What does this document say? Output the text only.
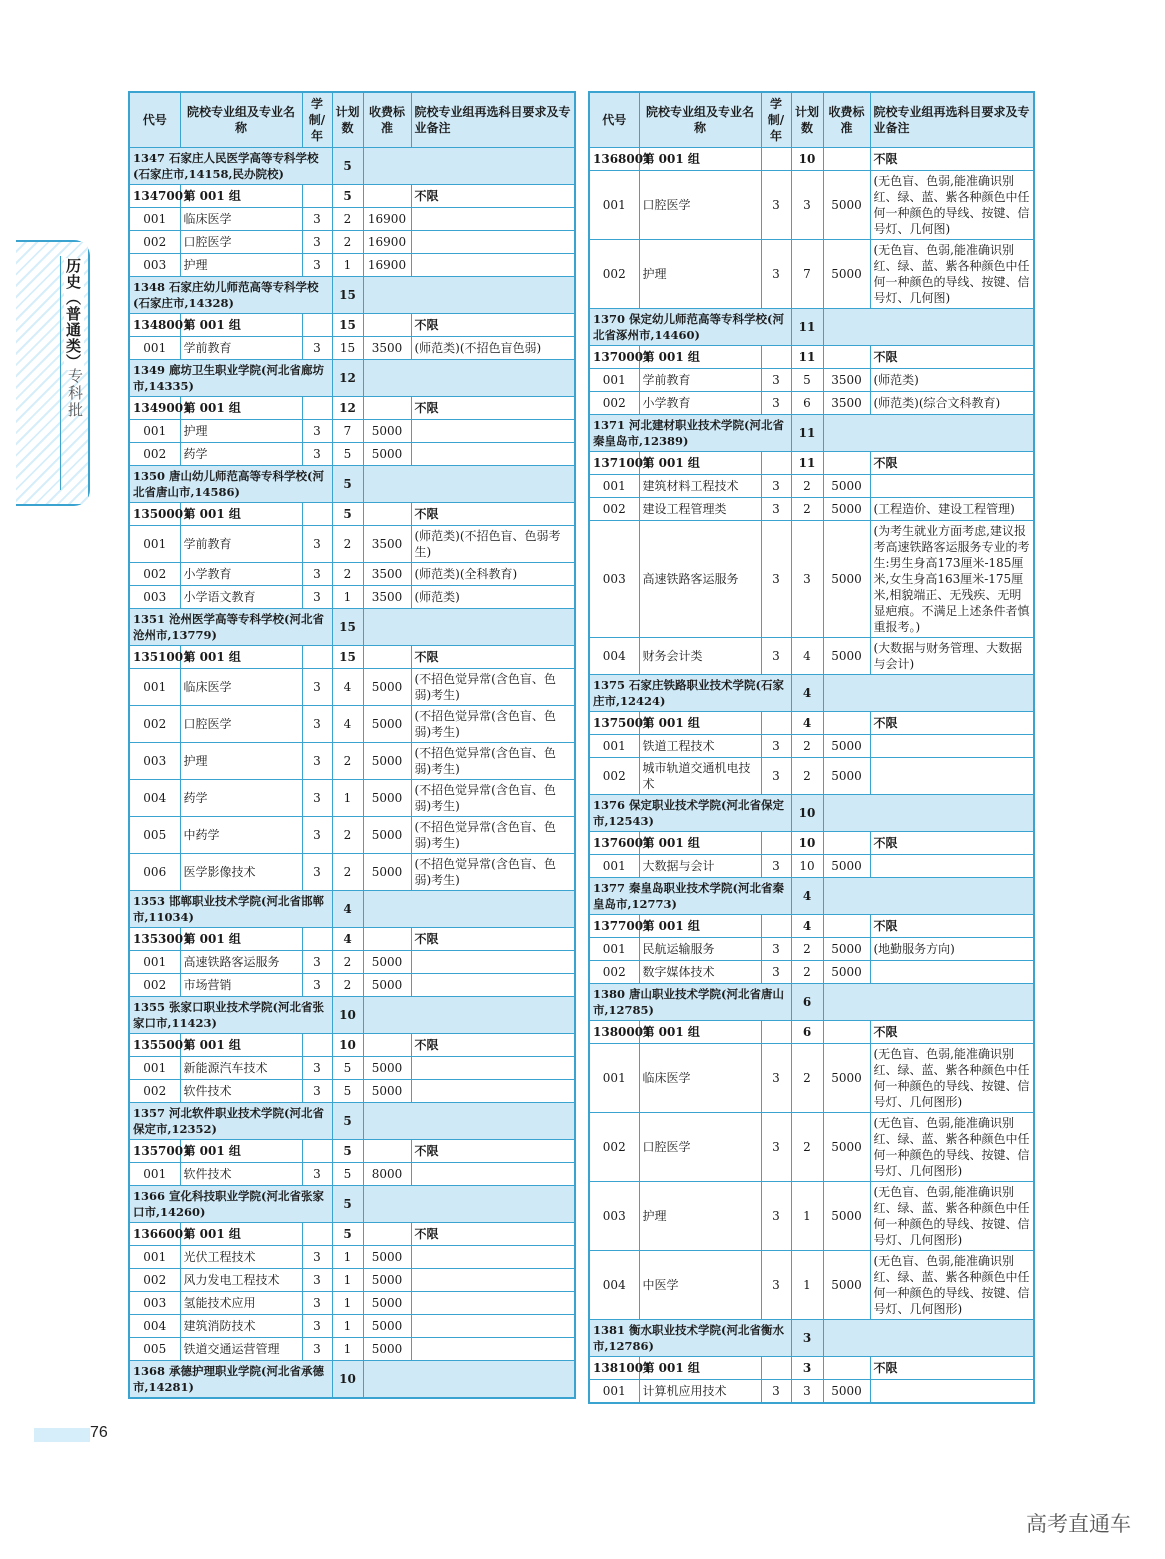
历史（普通类）
专科批
代号	院校专业组及专业名称	学制/年	计划数	收费标准	院校专业组再选科目要求及专业备注
1347 石家庄人民医学高等专科学校(石家庄市,14158,民办院校)			5		
1347001	第 001 组		5		不限
001	临床医学	3	2	16900	
002	口腔医学	3	2	16900	
003	护理	3	1	16900	
1348 石家庄幼儿师范高等专科学校(石家庄市,14328)			15		
1348001	第 001 组		15		不限
001	学前教育	3	15	3500	(师范类)(不招色盲色弱)
1349 廊坊卫生职业学院(河北省廊坊市,14335)			12		
1349001	第 001 组		12		不限
001	护理	3	7	5000	
002	药学	3	5	5000	
1350 唐山幼儿师范高等专科学校(河北省唐山市,14586)			5		
1350001	第 001 组		5		不限
001	学前教育	3	2	3500	(师范类)(不招色盲、色弱考生)
002	小学教育	3	2	3500	(师范类)(全科教育)
003	小学语文教育	3	1	3500	(师范类)
1351 沧州医学高等专科学校(河北省沧州市,13779)			15		
1351001	第 001 组		15		不限
001	临床医学	3	4	5000	(不招色觉异常(含色盲、色弱)考生)
002	口腔医学	3	4	5000	(不招色觉异常(含色盲、色弱)考生)
003	护理	3	2	5000	(不招色觉异常(含色盲、色弱)考生)
004	药学	3	1	5000	(不招色觉异常(含色盲、色弱)考生)
005	中药学	3	2	5000	(不招色觉异常(含色盲、色弱)考生)
006	医学影像技术	3	2	5000	(不招色觉异常(含色盲、色弱)考生)
1353 邯郸职业技术学院(河北省邯郸市,11034)			4		
1353001	第 001 组		4		不限
001	高速铁路客运服务	3	2	5000	
002	市场营销	3	2	5000	
1355 张家口职业技术学院(河北省张家口市,11423)			10		
1355001	第 001 组		10		不限
001	新能源汽车技术	3	5	5000	
002	软件技术	3	5	5000	
1357 河北软件职业技术学院(河北省保定市,12352)			5		
1357001	第 001 组		5		不限
001	软件技术	3	5	8000	
1366 宣化科技职业学院(河北省张家口市,14260)			5		
1366001	第 001 组		5		不限
001	光伏工程技术	3	1	5000	
002	风力发电工程技术	3	1	5000	
003	氢能技术应用	3	1	5000	
004	建筑消防技术	3	1	5000	
005	铁道交通运营管理	3	1	5000	
1368 承德护理职业学院(河北省承德市,14281)			10		
代号	院校专业组及专业名称	学制/年	计划数	收费标准	院校专业组再选科目要求及专业备注
1368001	第 001 组		10		不限
001	口腔医学	3	3	5000	(无色盲、色弱,能准确识别红、绿、蓝、紫各种颜色中任何一种颜色的导线、按键、信号灯、几何图)
002	护理	3	7	5000	(无色盲、色弱,能准确识别红、绿、蓝、紫各种颜色中任何一种颜色的导线、按键、信号灯、几何图)
1370 保定幼儿师范高等专科学校(河北省涿州市,14460)			11		
1370001	第 001 组		11		不限
001	学前教育	3	5	3500	(师范类)
002	小学教育	3	6	3500	(师范类)(综合文科教育)
1371 河北建材职业技术学院(河北省秦皇岛市,12389)			11		
1371001	第 001 组		11		不限
001	建筑材料工程技术	3	2	5000	
002	建设工程管理类	3	2	5000	(工程造价、建设工程管理)
003	高速铁路客运服务	3	3	5000	(为考生就业方面考虑,建议报考高速铁路客运服务专业的考生:男生身高173厘米-185厘米,女生身高163厘米-175厘米,相貌端正、无残疾、无明显疤痕。不满足上述条件者慎重报考。)
004	财务会计类	3	4	5000	(大数据与财务管理、大数据与会计)
1375 石家庄铁路职业技术学院(石家庄市,12424)			4		
1375001	第 001 组		4		不限
001	铁道工程技术	3	2	5000	
002	城市轨道交通机电技术	3	2	5000	
1376 保定职业技术学院(河北省保定市,12543)			10		
1376001	第 001 组		10		不限
001	大数据与会计	3	10	5000	
1377 秦皇岛职业技术学院(河北省秦皇岛市,12773)			4		
1377001	第 001 组		4		不限
001	民航运输服务	3	2	5000	(地勤服务方向)
002	数字媒体技术	3	2	5000	
1380 唐山职业技术学院(河北省唐山市,12785)			6		
1380001	第 001 组		6		不限
001	临床医学	3	2	5000	(无色盲、色弱,能准确识别红、绿、蓝、紫各种颜色中任何一种颜色的导线、按键、信号灯、几何图形)
002	口腔医学	3	2	5000	(无色盲、色弱,能准确识别红、绿、蓝、紫各种颜色中任何一种颜色的导线、按键、信号灯、几何图形)
003	护理	3	1	5000	(无色盲、色弱,能准确识别红、绿、蓝、紫各种颜色中任何一种颜色的导线、按键、信号灯、几何图形)
004	中医学	3	1	5000	(无色盲、色弱,能准确识别红、绿、蓝、紫各种颜色中任何一种颜色的导线、按键、信号灯、几何图形)
1381 衡水职业技术学院(河北省衡水市,12786)			3		
1381001	第 001 组		3		不限
001	计算机应用技术	3	3	5000	
76
高考直通车
